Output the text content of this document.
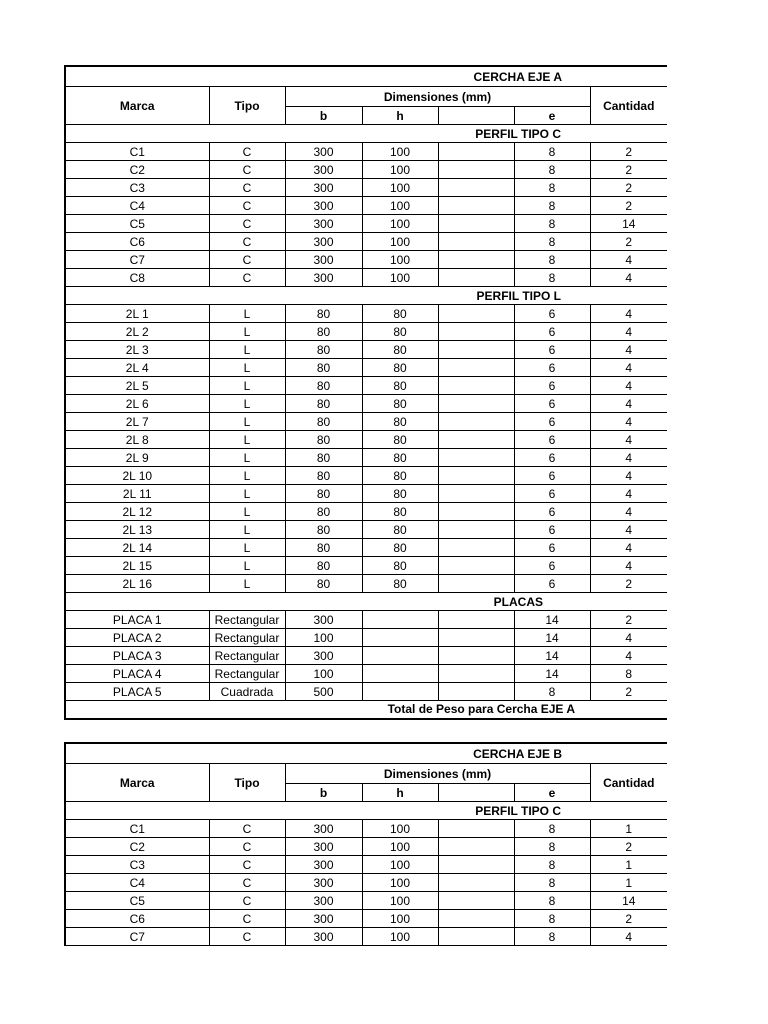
CERCHA EJE A						
Marca	Tipo	Dimensiones (mm)				Cantidad
		b	h		e	
PERFIL TIPO C						
C1	C	300	100		8	2
C2	C	300	100		8	2
C3	C	300	100		8	2
C4	C	300	100		8	2
C5	C	300	100		8	14
C6	C	300	100		8	2
C7	C	300	100		8	4
C8	C	300	100		8	4
PERFIL TIPO L						
2L 1	L	80	80		6	4
2L 2	L	80	80		6	4
2L 3	L	80	80		6	4
2L 4	L	80	80		6	4
2L 5	L	80	80		6	4
2L 6	L	80	80		6	4
2L 7	L	80	80		6	4
2L 8	L	80	80		6	4
2L 9	L	80	80		6	4
2L 10	L	80	80		6	4
2L 11	L	80	80		6	4
2L 12	L	80	80		6	4
2L 13	L	80	80		6	4
2L 14	L	80	80		6	4
2L 15	L	80	80		6	4
2L 16	L	80	80		6	2
PLACAS						
PLACA 1	Rectangular	300			14	2
PLACA 2	Rectangular	100			14	4
PLACA 3	Rectangular	300			14	4
PLACA 4	Rectangular	100			14	8
PLACA 5	Cuadrada	500			8	2
Total de Peso para Cercha EJE A						
CERCHA EJE B						
Marca	Tipo	Dimensiones (mm)				Cantidad
		b	h		e	
PERFIL TIPO C						
C1	C	300	100		8	1
C2	C	300	100		8	2
C3	C	300	100		8	1
C4	C	300	100		8	1
C5	C	300	100		8	14
C6	C	300	100		8	2
C7	C	300	100		8	4
